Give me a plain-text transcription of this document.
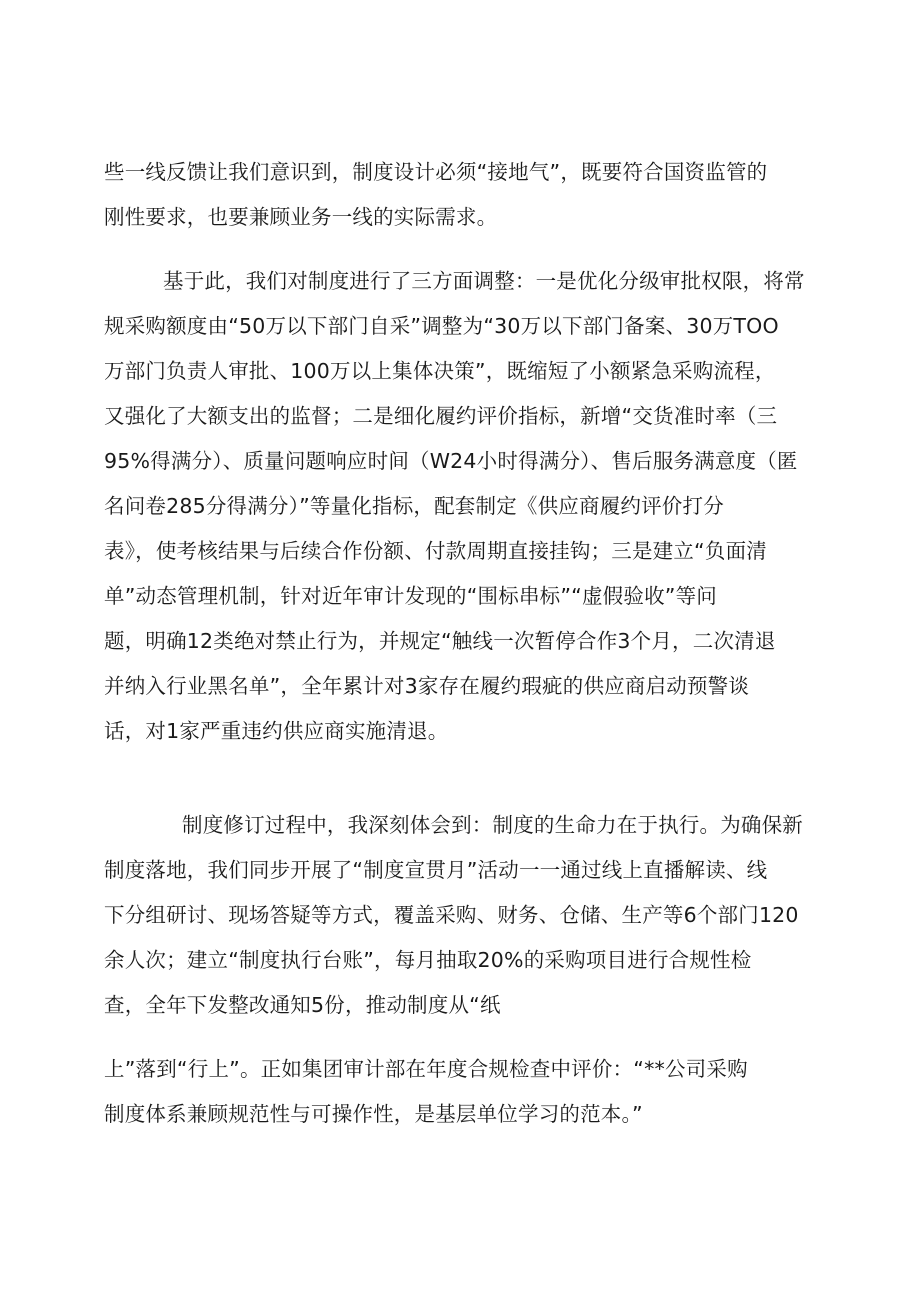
些一线反馈让我们意识到，制度设计必须“接地气”，既要符合国资监管的

刚性要求，也要兼顾业务一线的实际需求。

基于此，我们对制度进行了三方面调整：一是优化分级审批权限，将常

规采购额度由“50万以下部门自采”调整为“30万以下部门备案、30万TOO

万部门负责人审批、100万以上集体决策”，既缩短了小额紧急采购流程，

又强化了大额支出的监督；二是细化履约评价指标，新增“交货准时率（三

95%得满分）、质量问题响应时间（W24小时得满分）、售后服务满意度（匿

名问卷285分得满分）”等量化指标，配套制定《供应商履约评价打分

表》，使考核结果与后续合作份额、付款周期直接挂钩；三是建立“负面清

单”动态管理机制，针对近年审计发现的“围标串标”“虚假验收”等问

题，明确12类绝对禁止行为，并规定“触线一次暂停合作3个月，二次清退

并纳入行业黑名单”，全年累计对3家存在履约瑕疵的供应商启动预警谈

话，对1家严重违约供应商实施清退。

制度修订过程中，我深刻体会到：制度的生命力在于执行。为确保新

制度落地，我们同步开展了“制度宣贯月”活动一一通过线上直播解读、线

下分组研讨、现场答疑等方式，覆盖采购、财务、仓储、生产等6个部门120

余人次；建立“制度执行台账”，每月抽取20%的采购项目进行合规性检

查，全年下发整改通知5份，推动制度从“纸

上”落到“行上”。正如集团审计部在年度合规检查中评价：“**公司采购

制度体系兼顾规范性与可操作性，是基层单位学习的范本。”
